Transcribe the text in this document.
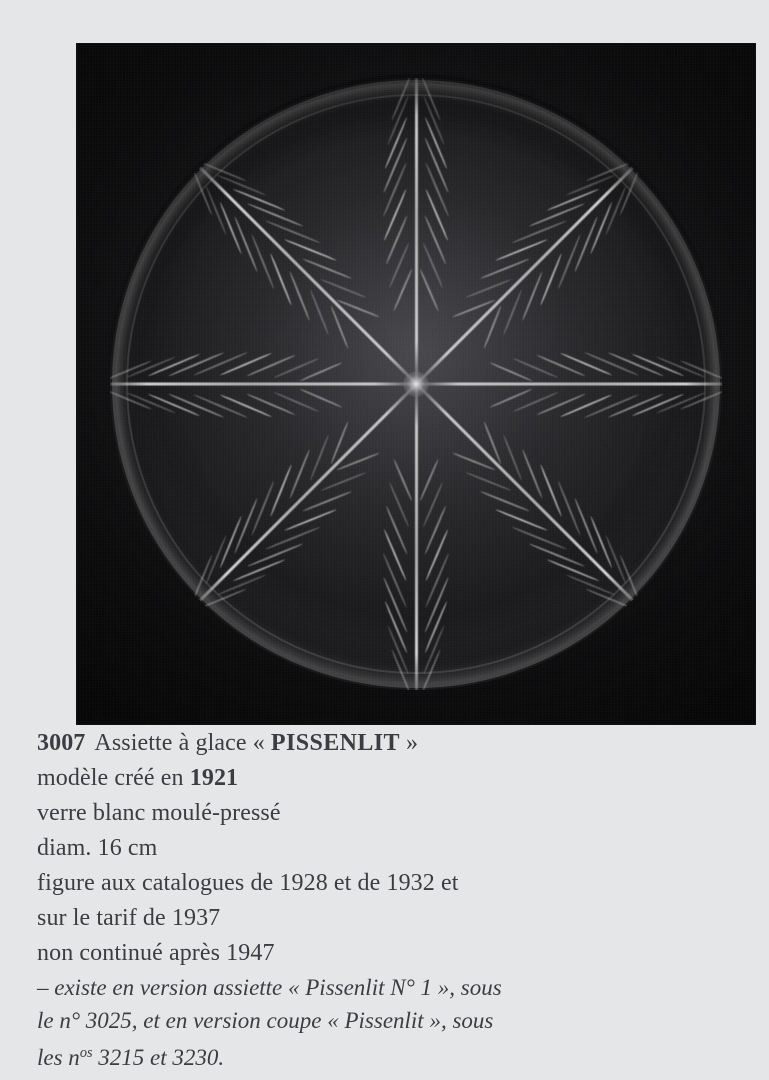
3007 Assiette à glace « PISSENLIT »
modèle créé en 1921
verre blanc moulé-pressé
diam. 16 cm
figure aux catalogues de 1928 et de 1932 et
sur le tarif de 1937
non continué après 1947
– existe en version assiette « Pissenlit N° 1 », sous
le n° 3025, et en version coupe « Pissenlit », sous
les $n^{os}$ 3215 et 3230.
